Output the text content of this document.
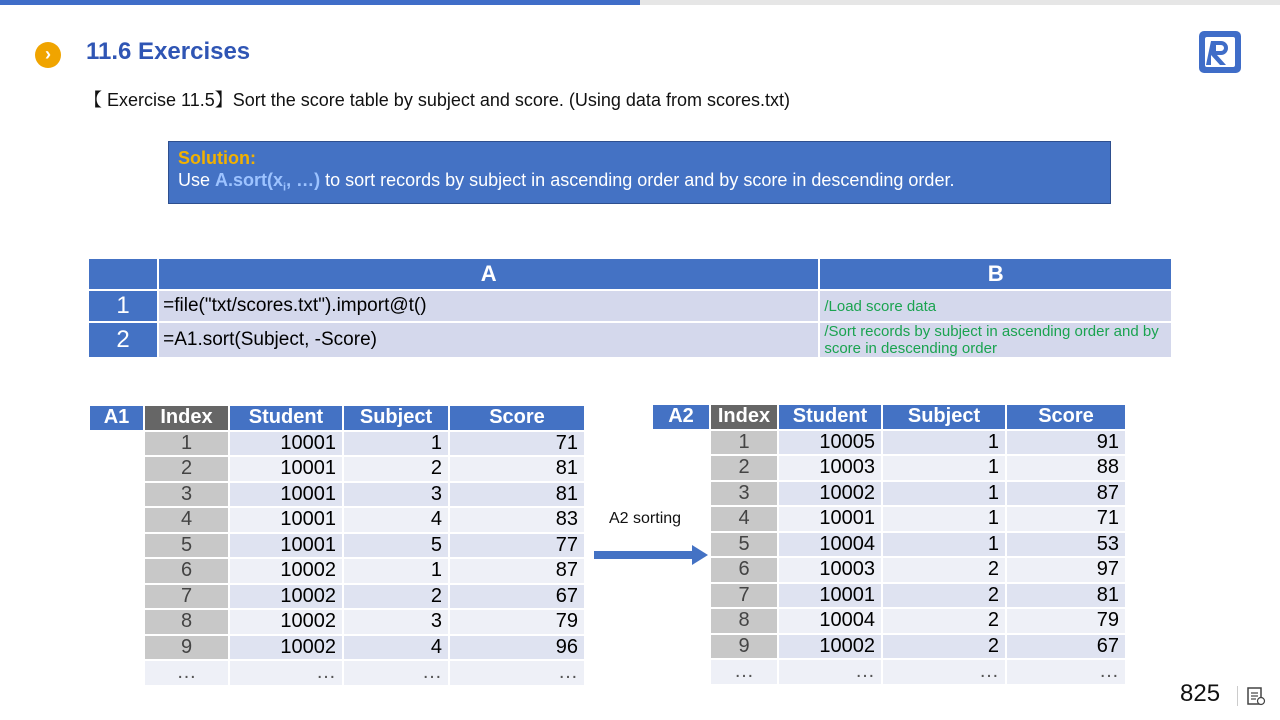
›	11.6 Exercises
【 Exercise 11.5】Sort the score table by subject and score. (Using data from scores.txt)
Solution:
Use $A.sort(x_i$, …) to sort records by subject in ascending order and by score in descending order.
	A	B
1	=file("txt/scores.txt").import@t()	/Load score data
2	=A1.sort(Subject, -Score)	/Sort records by subject in ascending order and by score in descending order
A1	Index	Student	Subject	Score
	1	10001	1	71
	2	10001	2	81
	3	10001	3	81
	4	10001	4	83
	5	10001	5	77
	6	10002	1	87
	7	10002	2	67
	8	10002	3	79
	9	10002	4	96
	…	…	…	…
A2	Index	Student	Subject	Score
	1	10005	1	91
	2	10003	1	88
	3	10002	1	87
	4	10001	1	71
	5	10004	1	53
	6	10003	2	97
	7	10001	2	81
	8	10004	2	79
	9	10002	2	67
	…	…	…	…
A2 sorting
825
